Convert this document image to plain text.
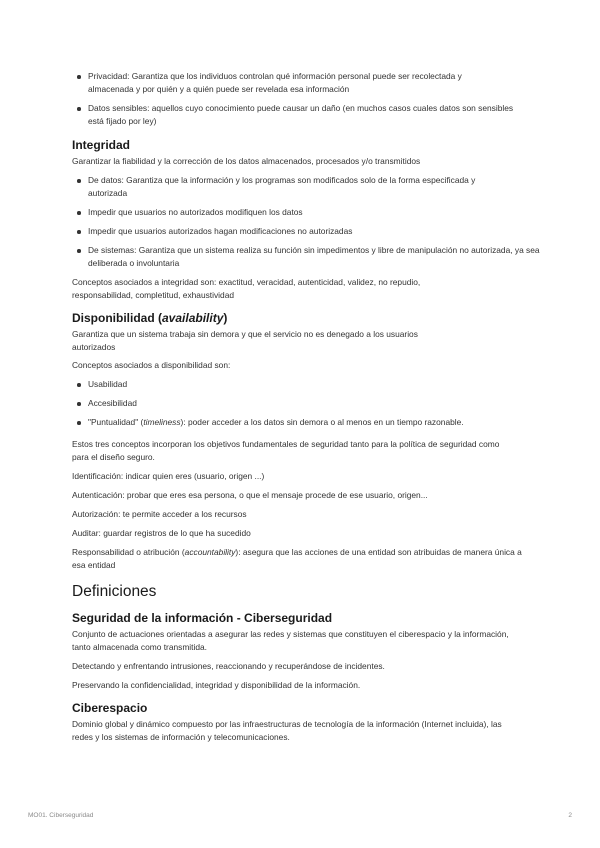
Privacidad: Garantiza que los individuos controlan qué información personal puede ser recolectada y almacenada y por quién y a quién puede ser revelada esa información
Datos sensibles: aquellos cuyo conocimiento puede causar un daño (en muchos casos cuales datos son sensibles está fijado por ley)
Integridad

Garantizar la fiabilidad y la corrección de los datos almacenados, procesados y/o transmitidos

De datos: Garantiza que la información y los programas son modificados solo de la forma especificada y autorizada
Impedir que usuarios no autorizados modifiquen los datos
Impedir que usuarios autorizados hagan modificaciones no autorizadas
De sistemas: Garantiza que un sistema realiza su función sin impedimentos y libre de manipulación no autorizada, ya sea deliberada o involuntaria

Conceptos asociados a integridad son: exactitud, veracidad, autenticidad, validez, no repudio, responsabilidad, completitud, exhaustividad

Disponibilidad (availability)

Garantiza que un sistema trabaja sin demora y que el servicio no es denegado a los usuarios autorizados

Conceptos asociados a disponibilidad son:

Usabilidad
Accesibilidad
"Puntualidad" (timeliness): poder acceder a los datos sin demora o al menos en un tiempo razonable.

Estos tres conceptos incorporan los objetivos fundamentales de seguridad tanto para la política de seguridad como para el diseño seguro.

Identificación: indicar quien eres (usuario, origen ...)

Autenticación: probar que eres esa persona, o que el mensaje procede de ese usuario, origen...

Autorización: te permite acceder a los recursos

Auditar: guardar registros de lo que ha sucedido

Responsabilidad o atribución (accountability): asegura que las acciones de una entidad son atribuidas de manera única a esa entidad

Definiciones
Seguridad de la información - Ciberseguridad

Conjunto de actuaciones orientadas a asegurar las redes y sistemas que constituyen el ciberespacio y la información, tanto almacenada como transmitida.

Detectando y enfrentando intrusiones, reaccionando y recuperándose de incidentes.

Preservando la confidencialidad, integridad y disponibilidad de la información.

Ciberespacio

Dominio global y dinámico compuesto por las infraestructuras de tecnología de la información (Internet incluida), las redes y los sistemas de información y telecomunicaciones.

MO01. Ciberseguridad	2
